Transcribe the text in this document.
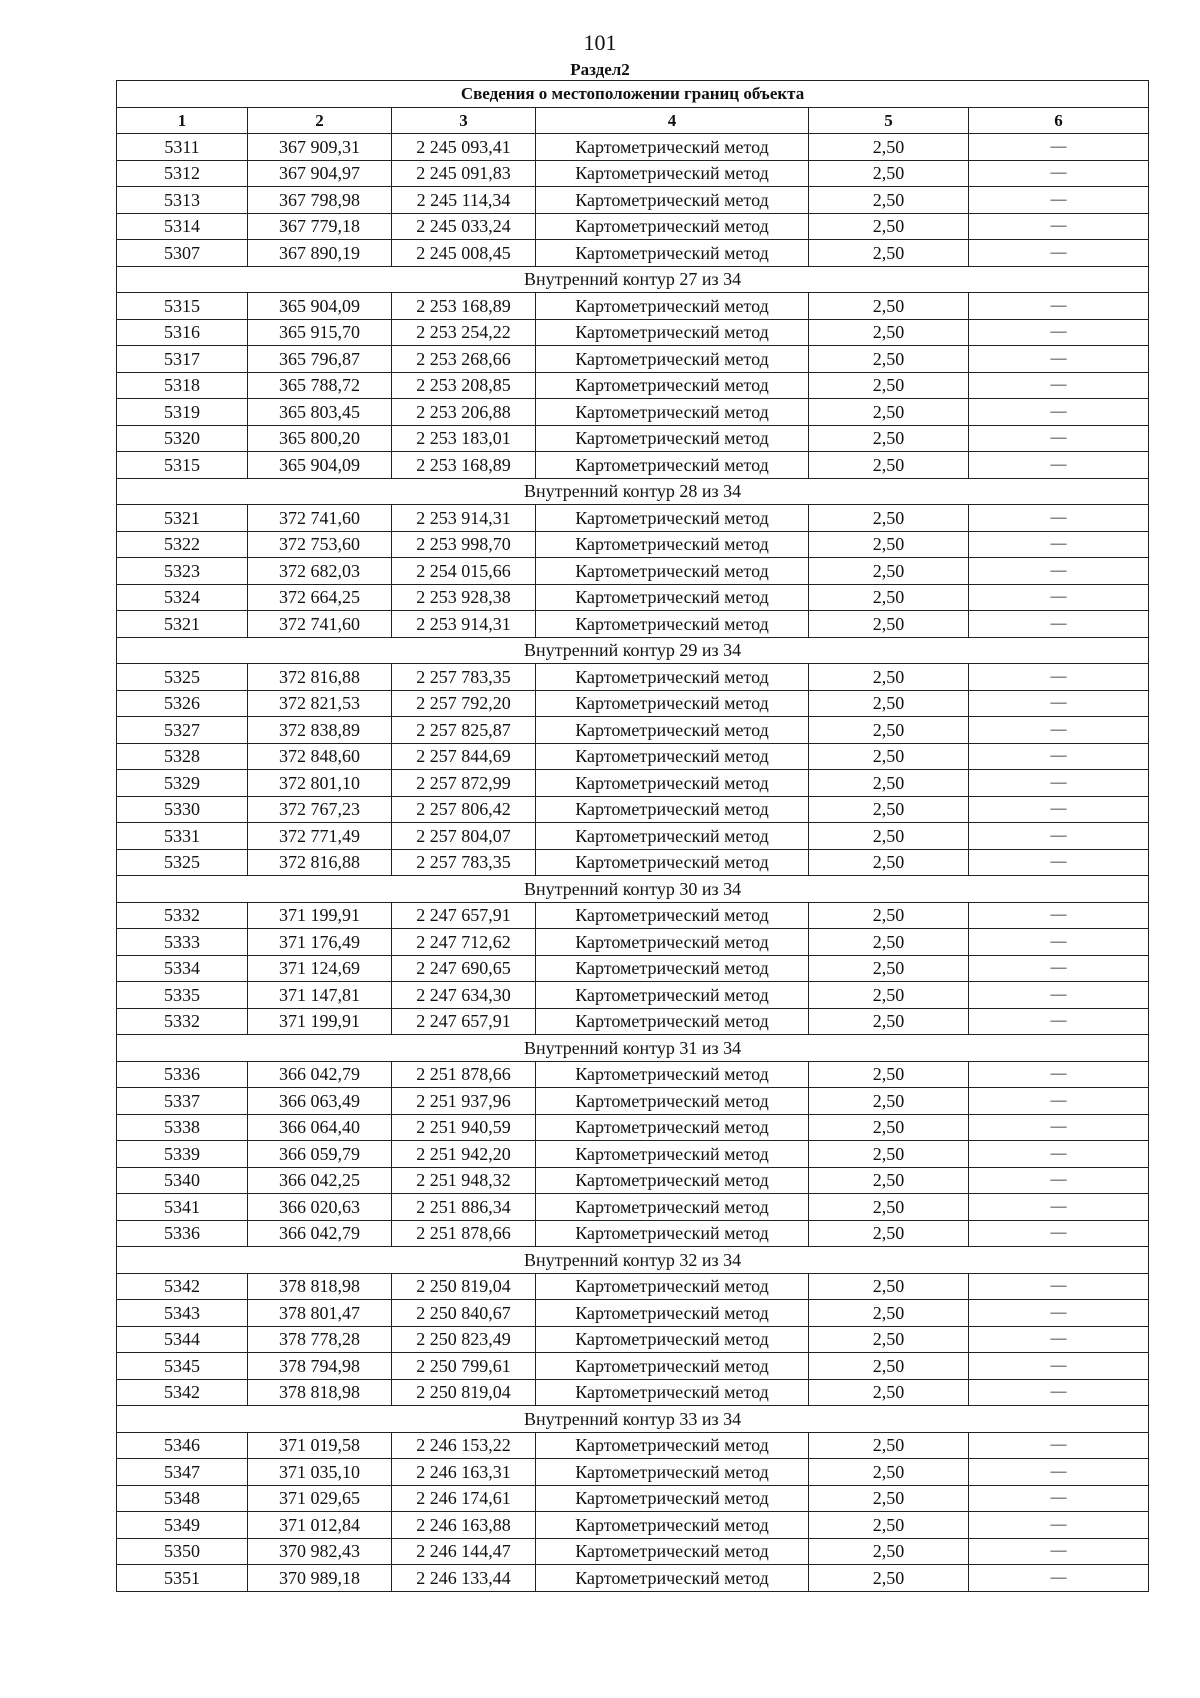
101
Раздел2
Сведения о местоположении границ объекта					
1	2	3	4	5	6
5311	367 909,31	2 245 093,41	Картометрический метод	2,50	—
5312	367 904,97	2 245 091,83	Картометрический метод	2,50	—
5313	367 798,98	2 245 114,34	Картометрический метод	2,50	—
5314	367 779,18	2 245 033,24	Картометрический метод	2,50	—
5307	367 890,19	2 245 008,45	Картометрический метод	2,50	—
Внутренний контур 27 из 34					
5315	365 904,09	2 253 168,89	Картометрический метод	2,50	—
5316	365 915,70	2 253 254,22	Картометрический метод	2,50	—
5317	365 796,87	2 253 268,66	Картометрический метод	2,50	—
5318	365 788,72	2 253 208,85	Картометрический метод	2,50	—
5319	365 803,45	2 253 206,88	Картометрический метод	2,50	—
5320	365 800,20	2 253 183,01	Картометрический метод	2,50	—
5315	365 904,09	2 253 168,89	Картометрический метод	2,50	—
Внутренний контур 28 из 34					
5321	372 741,60	2 253 914,31	Картометрический метод	2,50	—
5322	372 753,60	2 253 998,70	Картометрический метод	2,50	—
5323	372 682,03	2 254 015,66	Картометрический метод	2,50	—
5324	372 664,25	2 253 928,38	Картометрический метод	2,50	—
5321	372 741,60	2 253 914,31	Картометрический метод	2,50	—
Внутренний контур 29 из 34					
5325	372 816,88	2 257 783,35	Картометрический метод	2,50	—
5326	372 821,53	2 257 792,20	Картометрический метод	2,50	—
5327	372 838,89	2 257 825,87	Картометрический метод	2,50	—
5328	372 848,60	2 257 844,69	Картометрический метод	2,50	—
5329	372 801,10	2 257 872,99	Картометрический метод	2,50	—
5330	372 767,23	2 257 806,42	Картометрический метод	2,50	—
5331	372 771,49	2 257 804,07	Картометрический метод	2,50	—
5325	372 816,88	2 257 783,35	Картометрический метод	2,50	—
Внутренний контур 30 из 34					
5332	371 199,91	2 247 657,91	Картометрический метод	2,50	—
5333	371 176,49	2 247 712,62	Картометрический метод	2,50	—
5334	371 124,69	2 247 690,65	Картометрический метод	2,50	—
5335	371 147,81	2 247 634,30	Картометрический метод	2,50	—
5332	371 199,91	2 247 657,91	Картометрический метод	2,50	—
Внутренний контур 31 из 34					
5336	366 042,79	2 251 878,66	Картометрический метод	2,50	—
5337	366 063,49	2 251 937,96	Картометрический метод	2,50	—
5338	366 064,40	2 251 940,59	Картометрический метод	2,50	—
5339	366 059,79	2 251 942,20	Картометрический метод	2,50	—
5340	366 042,25	2 251 948,32	Картометрический метод	2,50	—
5341	366 020,63	2 251 886,34	Картометрический метод	2,50	—
5336	366 042,79	2 251 878,66	Картометрический метод	2,50	—
Внутренний контур 32 из 34					
5342	378 818,98	2 250 819,04	Картометрический метод	2,50	—
5343	378 801,47	2 250 840,67	Картометрический метод	2,50	—
5344	378 778,28	2 250 823,49	Картометрический метод	2,50	—
5345	378 794,98	2 250 799,61	Картометрический метод	2,50	—
5342	378 818,98	2 250 819,04	Картометрический метод	2,50	—
Внутренний контур 33 из 34					
5346	371 019,58	2 246 153,22	Картометрический метод	2,50	—
5347	371 035,10	2 246 163,31	Картометрический метод	2,50	—
5348	371 029,65	2 246 174,61	Картометрический метод	2,50	—
5349	371 012,84	2 246 163,88	Картометрический метод	2,50	—
5350	370 982,43	2 246 144,47	Картометрический метод	2,50	—
5351	370 989,18	2 246 133,44	Картометрический метод	2,50	—
